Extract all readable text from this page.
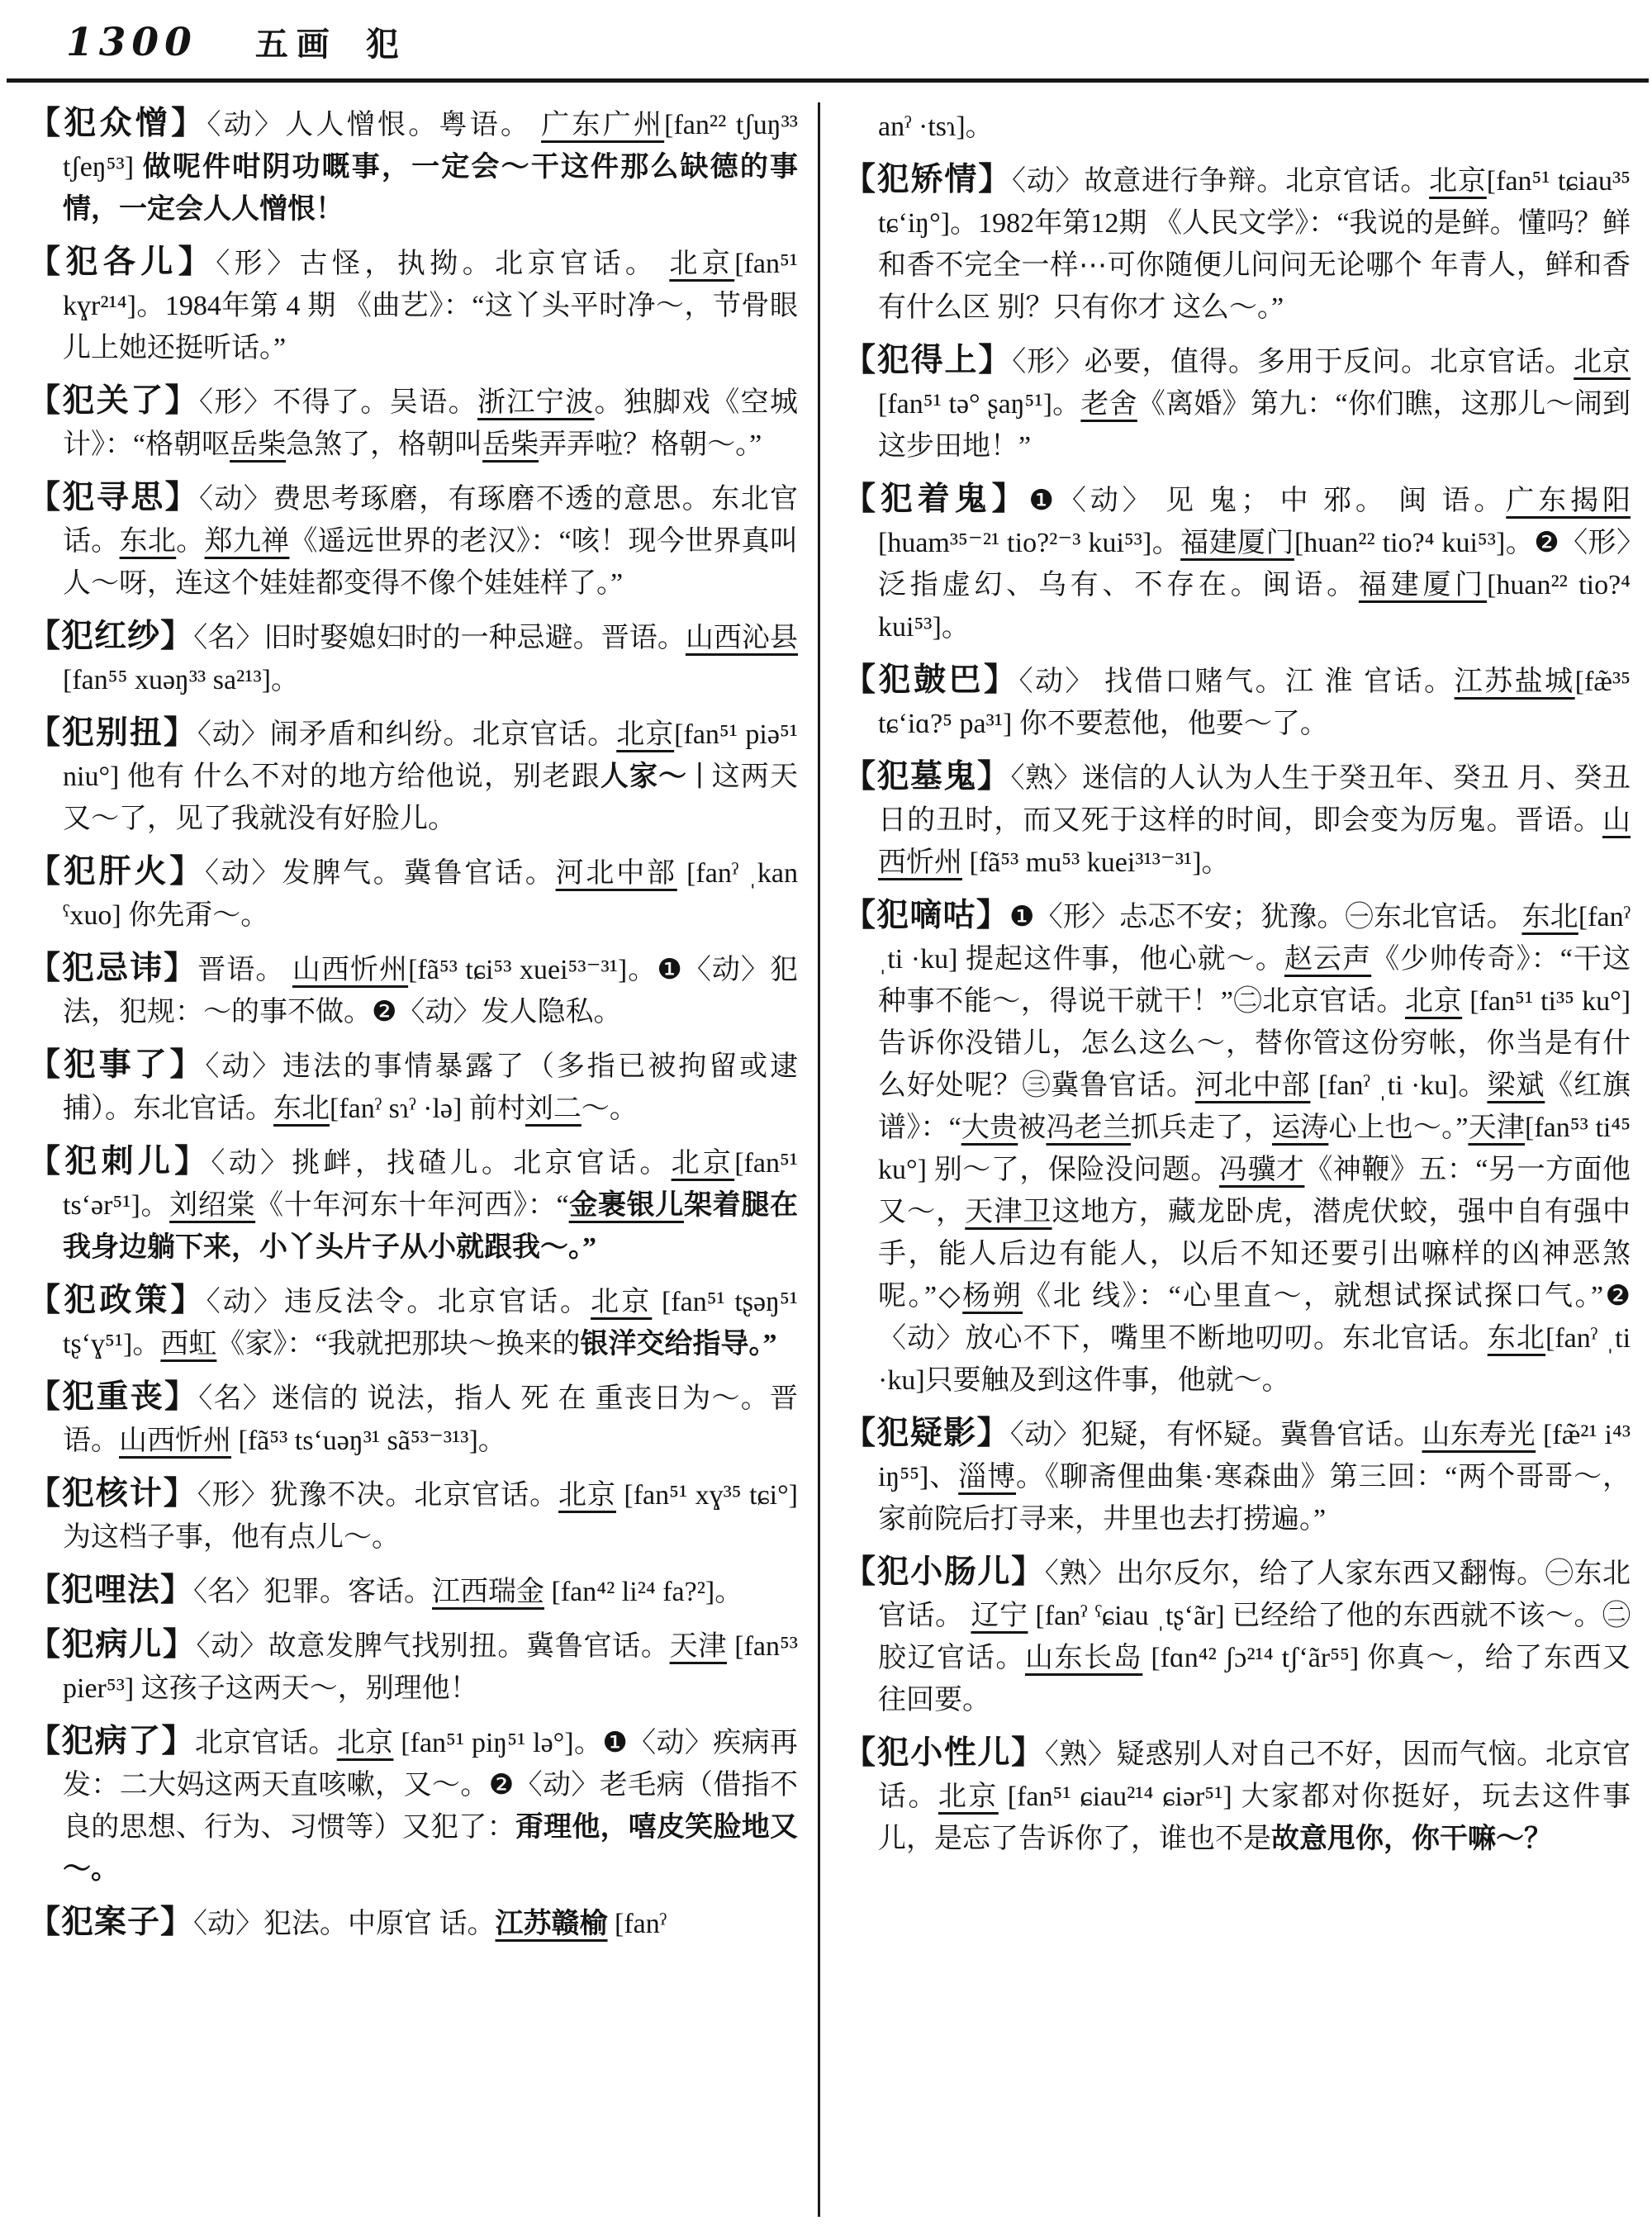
1300 五画 犯

【犯众憎】〈动〉人人憎恨。粤语。 广东广州[fan²² tʃuŋ³³ tʃeŋ⁵³] 做呢件咁阴功嘅事，一定会～干这件那么缺德的事情，一定会人人憎恨！

【犯各儿】〈形〉古怪，执拗。北京官话。 北京[fan⁵¹ kɣr²¹⁴]。1984年第 4 期 《曲艺》：“这丫头平时净～，节骨眼儿上她还挺听话。”

【犯关了】〈形〉不得了。吴语。浙江宁波。独脚戏《空城计》：“格朝呕岳柴急煞了，格朝叫岳柴弄弄啦？格朝～。”

【犯寻思】〈动〉费思考琢磨，有琢磨不透的意思。东北官话。东北。郑九禅《遥远世界的老汉》：“咳！现今世界真叫人～呀，连这个娃娃都变得不像个娃娃样了。”

【犯红纱】〈名〉旧时娶媳妇时的一种忌避。晋语。山西沁县 [fan⁵⁵ xuəŋ³³ sa²¹³]。

【犯别扭】〈动〉闹矛盾和纠纷。北京官话。北京[fan⁵¹ piə⁵¹ niu°] 他有 什么不对的地方给他说，别老跟人家～ ∣ 这两天又～了，见了我就没有好脸儿。

【犯肝火】〈动〉发脾气。冀鲁官话。河北中部 [fanˀ ˌkan ˁxuo] 你先甭～。

【犯忌讳】晋语。 山西忻州[fã⁵³ tɕi⁵³ xuei⁵³⁻³¹]。❶〈动〉犯法，犯规：～的事不做。❷〈动〉发人隐私。

【犯事了】〈动〉违法的事情暴露了（多指已被拘留或逮捕）。东北官话。东北[fanˀ sɿˀ ·lə] 前村刘二～。

【犯刺儿】〈动〉挑衅，找碴儿。北京官话。北京[fan⁵¹ ts‘ər⁵¹]。刘绍棠《十年河东十年河西》：“金裹银儿架着腿在我身边躺下来，小丫头片子从小就跟我～。”

【犯政策】〈动〉违反法令。北京官话。北京 [fan⁵¹ tʂəŋ⁵¹ tʂ‘ɣ⁵¹]。西虹《家》：“我就把那块～换来的银洋交给指导。”

【犯重丧】〈名〉迷信的 说法，指人 死 在 重丧日为～。晋语。山西忻州 [fã⁵³ ts‘uəŋ³¹ sã⁵³⁻³¹³]。

【犯核计】〈形〉犹豫不决。北京官话。北京 [fan⁵¹ xɣ³⁵ tɕi°] 为这档子事，他有点儿～。

【犯哩法】〈名〉犯罪。客话。江西瑞金 [fan⁴² li²⁴ fa?²]。

【犯病儿】〈动〉故意发脾气找别扭。冀鲁官话。天津 [fan⁵³ pier⁵³] 这孩子这两天～，别理他！

【犯病了】北京官话。北京 [fan⁵¹ piŋ⁵¹ lə°]。❶〈动〉疾病再发：二大妈这两天直咳嗽，又～。❷〈动〉老毛病（借指不良的思想、行为、习惯等）又犯了：甭理他，嘻皮笑脸地又～。

【犯案子】〈动〉犯法。中原官 话。江苏赣榆 [fanˀ

anˀ ·tsɿ]。

【犯矫情】〈动〉故意进行争辩。北京官话。北京[fan⁵¹ tɕiau³⁵ tɕ‘iŋ°]。1982年第12期 《人民文学》：“我说的是鲜。懂吗？鲜和香不完全一样⋯可你随便儿问问无论哪个 年青人，鲜和香有什么区 别？只有你才 这么～。”

【犯得上】〈形〉必要，值得。多用于反问。北京官话。北京 [fan⁵¹ tə° ʂaŋ⁵¹]。老舍《离婚》第九：“你们瞧，这那儿～闹到这步田地！”

【犯着鬼】❶〈动〉 见 鬼； 中 邪。 闽 语。广东揭阳[huam³⁵⁻²¹ tio?²⁻³ kui⁵³]。福建厦门[huan²² tio?⁴ kui⁵³]。❷〈形〉泛指虚幻、乌有、不存在。闽语。福建厦门[huan²² tio?⁴ kui⁵³]。

【犯皷巴】〈动〉 找借口赌气。江 淮 官话。江苏盐城[fæ̃³⁵ tɕ‘iɑ?⁵ pa³¹] 你不要惹他，他要～了。

【犯墓鬼】〈熟〉迷信的人认为人生于癸丑年、癸丑 月、癸丑日的丑时，而又死于这样的时间，即会变为厉鬼。晋语。山西忻州 [fã⁵³ mu⁵³ kuei³¹³⁻³¹]。

【犯嘀咕】❶〈形〉忐忑不安；犹豫。㊀东北官话。 东北[fanˀ ˌti ·ku] 提起这件事，他心就～。赵云声《少帅传奇》：“干这种事不能～，得说干就干！”㊁北京官话。北京 [fan⁵¹ ti³⁵ ku°] 告诉你没错儿，怎么这么～，替你管这份穷帐，你当是有什么好处呢？㊂冀鲁官话。河北中部 [fanˀ ˌti ·ku]。梁斌《红旗谱》：“大贵被冯老兰抓兵走了，运涛心上也～。”天津[fan⁵³ ti⁴⁵ ku°] 别～了，保险没问题。冯骥才《神鞭》五：“另一方面他又～，天津卫这地方，藏龙卧虎，潜虎伏蛟，强中自有强中手，能人后边有能人，以后不知还要引出嘛样的凶神恶煞呢。”◇杨朔《北 线》：“心里直～，就想试探试探口气。”❷〈动〉放心不下，嘴里不断地叨叨。东北官话。东北[fanˀ ˌti ·ku]只要触及到这件事，他就～。

【犯疑影】〈动〉犯疑，有怀疑。冀鲁官话。山东寿光 [fæ̃²¹ i⁴³ iŋ⁵⁵]、淄博。《聊斋俚曲集·寒森曲》第三回：“两个哥哥～，家前院后打寻来，井里也去打捞遍。”

【犯小肠儿】〈熟〉出尔反尔，给了人家东西又翻悔。㊀东北官话。 辽宁 [fanˀ ˁɕiau ˌtʂ‘ãr] 已经给了他的东西就不该～。㊁胶辽官话。山东长岛 [fɑn⁴² ʃɔ²¹⁴ tʃ‘ãr⁵⁵] 你真～，给了东西又往回要。

【犯小性儿】〈熟〉疑惑别人对自己不好，因而气恼。北京官话。北京 [fan⁵¹ ɕiau²¹⁴ ɕiər⁵¹] 大家都对你挺好，玩去这件事儿，是忘了告诉你了，谁也不是故意甩你，你干嘛～？
